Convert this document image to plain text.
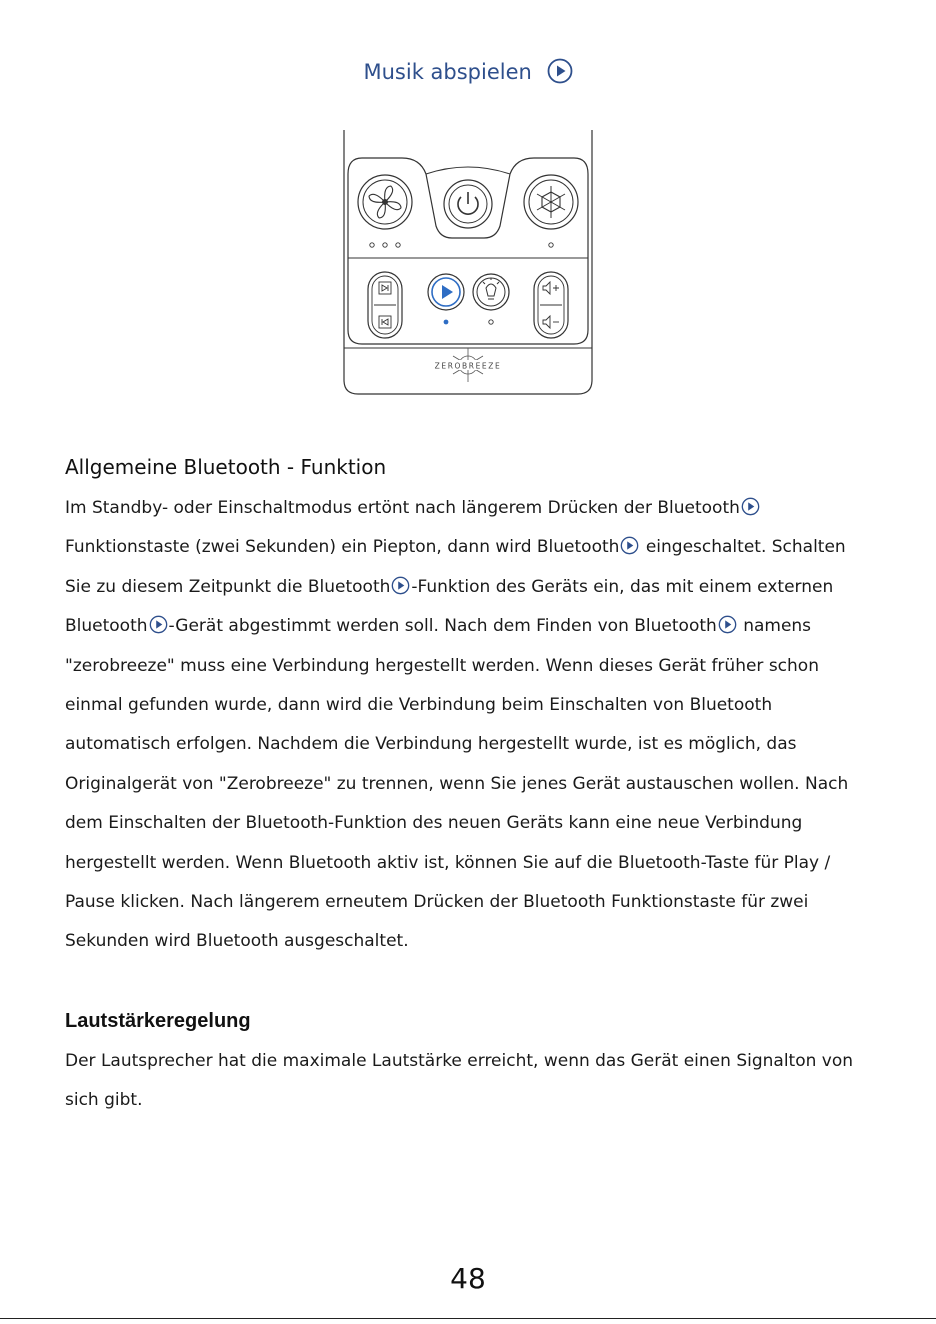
Musik abspielen
ZEROBREEZE
Allgemeine Bluetooth - Funktion
Im Standby- oder Einschaltmodus ertönt nach längerem Drücken der Bluetooth
Funktionstaste (zwei Sekunden) ein Piepton, dann wird Bluetooth eingeschaltet. Schalten
Sie zu diesem Zeitpunkt die Bluetooth -Funktion des Geräts ein, das mit einem externen
Bluetooth -Gerät abgestimmt werden soll. Nach dem Finden von Bluetooth namens
"zerobreeze" muss eine Verbindung hergestellt werden. Wenn dieses Gerät früher schon
einmal gefunden wurde, dann wird die Verbindung beim Einschalten von Bluetooth
automatisch erfolgen. Nachdem die Verbindung hergestellt wurde, ist es möglich, das
Originalgerät von "Zerobreeze" zu trennen, wenn Sie jenes Gerät austauschen wollen. Nach
dem Einschalten der Bluetooth-Funktion des neuen Geräts kann eine neue Verbindung
hergestellt werden. Wenn Bluetooth aktiv ist, können Sie auf die Bluetooth-Taste für Play /
Pause klicken. Nach längerem erneutem Drücken der Bluetooth Funktionstaste für zwei
Sekunden wird Bluetooth ausgeschaltet.
Lautstärkeregelung
Der Lautsprecher hat die maximale Lautstärke erreicht, wenn das Gerät einen Signalton von
sich gibt.
48
